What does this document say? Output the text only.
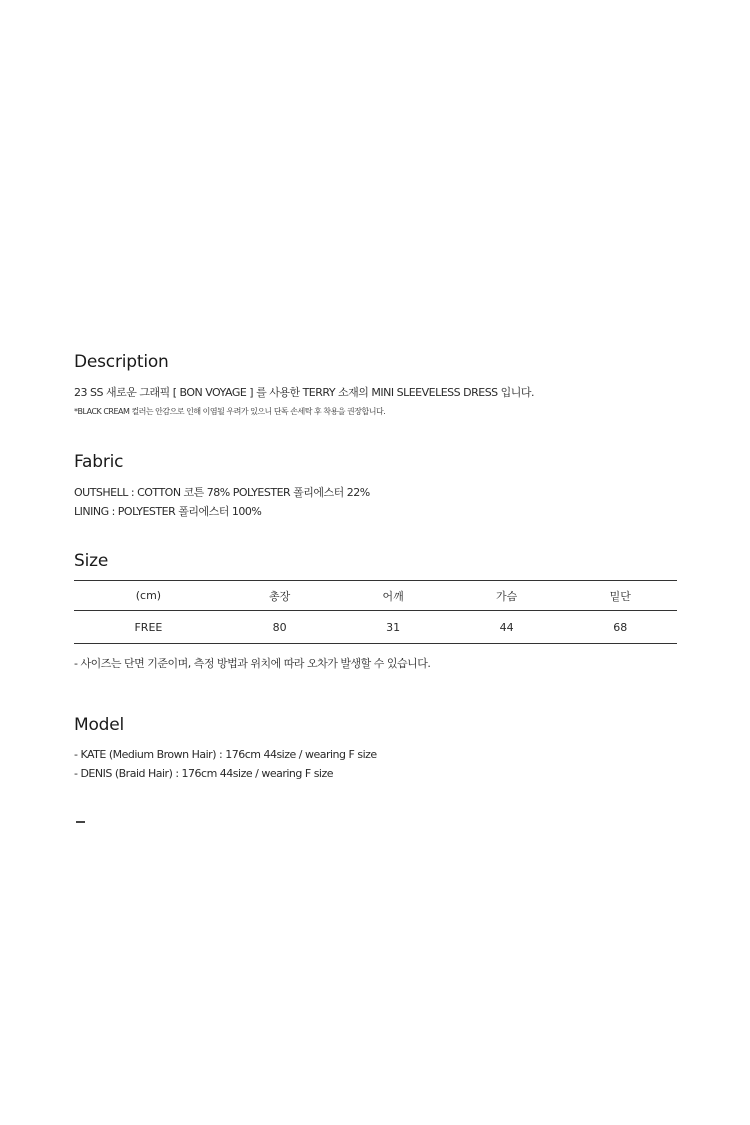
Description
23 SS 새로운 그래픽 [ BON VOYAGE ] 를 사용한 TERRY 소재의 MINI SLEEVELESS DRESS 입니다.
*BLACK CREAM 컬러는 안감으로 인해 이염될 우려가 있으니 단독 손세탁 후 착용을 권장합니다.
Fabric
OUTSHELL : COTTON 코튼 78% POLYESTER 폴리에스터 22%
LINING : POLYESTER 폴리에스터 100%
Size
(cm)	총장	어깨	가슴	밑단
FREE	80	31	44	68
- 사이즈는 단면 기준이며, 측정 방법과 위치에 따라 오차가 발생할 수 있습니다.
Model
- KATE (Medium Brown Hair) : 176cm 44size / wearing F size
- DENIS (Braid Hair) : 176cm 44size / wearing F size
